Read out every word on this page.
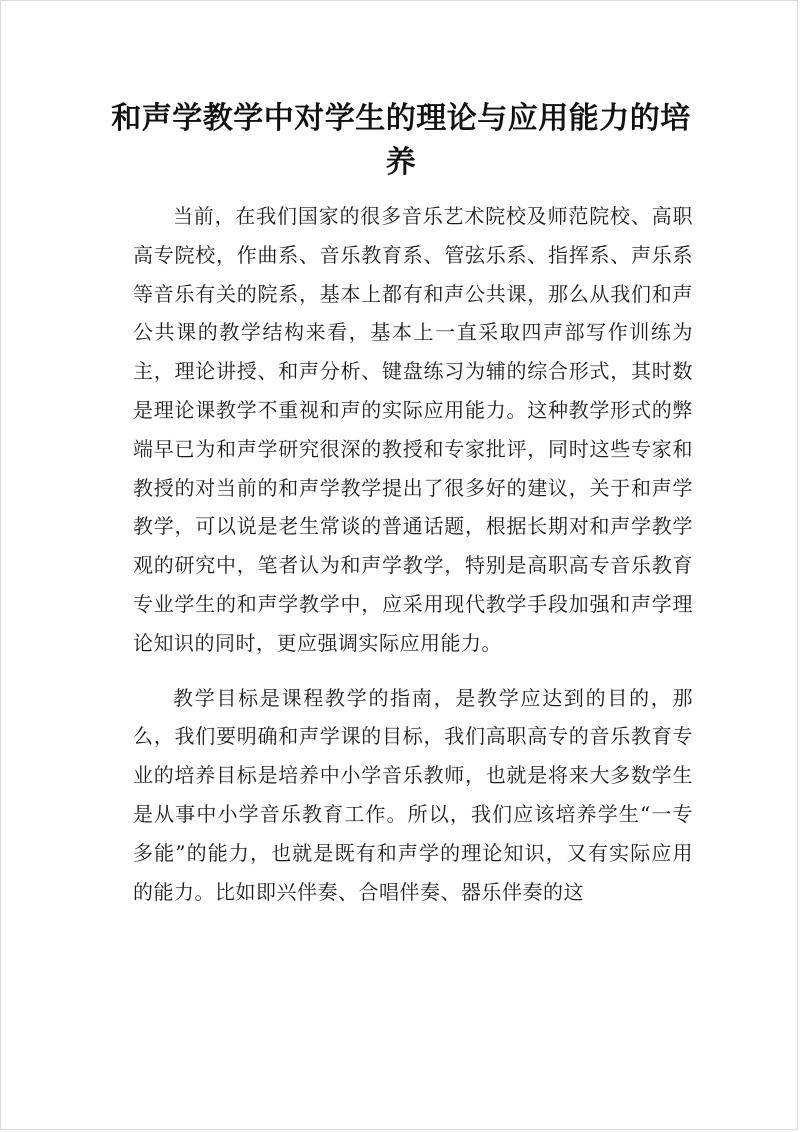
和声学教学中对学生的理论与应用能力的培养

当前，在我们国家的很多音乐艺术院校及师范院校、高职高专院校，作曲系、音乐教育系、管弦乐系、指挥系、声乐系等音乐有关的院系，基本上都有和声公共课，那么从我们和声公共课的教学结构来看，基本上一直采取四声部写作训练为主，理论讲授、和声分析、键盘练习为辅的综合形式，其时数是理论课教学不重视和声的实际应用能力。这种教学形式的弊端早已为和声学研究很深的教授和专家批评，同时这些专家和教授的对当前的和声学教学提出了很多好的建议，关于和声学教学，可以说是老生常谈的普通话题，根据长期对和声学教学观的研究中，笔者认为和声学教学，特别是高职高专音乐教育专业学生的和声学教学中，应采用现代教学手段加强和声学理论知识的同时，更应强调实际应用能力。

教学目标是课程教学的指南，是教学应达到的目的，那么，我们要明确和声学课的目标，我们高职高专的音乐教育专业的培养目标是培养中小学音乐教师，也就是将来大多数学生是从事中小学音乐教育工作。所以，我们应该培养学生“一专多能”的能力，也就是既有和声学的理论知识，又有实际应用的能力。比如即兴伴奏、合唱伴奏、器乐伴奏的这
